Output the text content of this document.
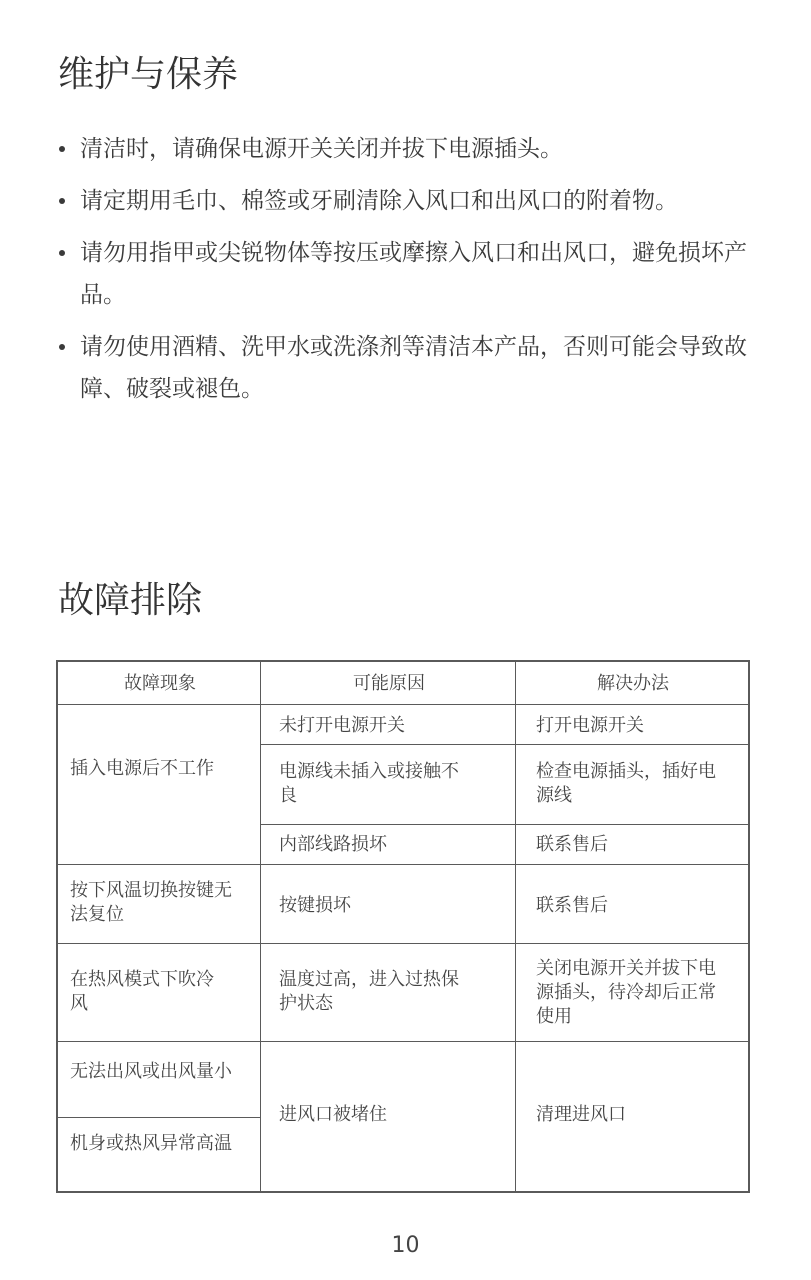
维护与保养
清洁时，请确保电源开关关闭并拔下电源插头。
请定期用毛巾、棉签或牙刷清除入风口和出风口的附着物。
请勿用指甲或尖锐物体等按压或摩擦入风口和出风口，避免损坏产品。
请勿使用酒精、洗甲水或洗涤剂等清洁本产品，否则可能会导致故障、破裂或褪色。
故障排除
故障现象	可能原因	解决办法
插入电源后不工作
按下风温切换按键无法复位
在热风模式下吹冷风
无法出风或出风量小
机身或热风异常高温
未打开电源开关
电源线未插入或接触不良
内部线路损坏
按键损坏
温度过高，进入过热保护状态
进风口被堵住
打开电源开关
检查电源插头，插好电源线
联系售后
联系售后
关闭电源开关并拔下电源插头，待冷却后正常使用
清理进风口
10
